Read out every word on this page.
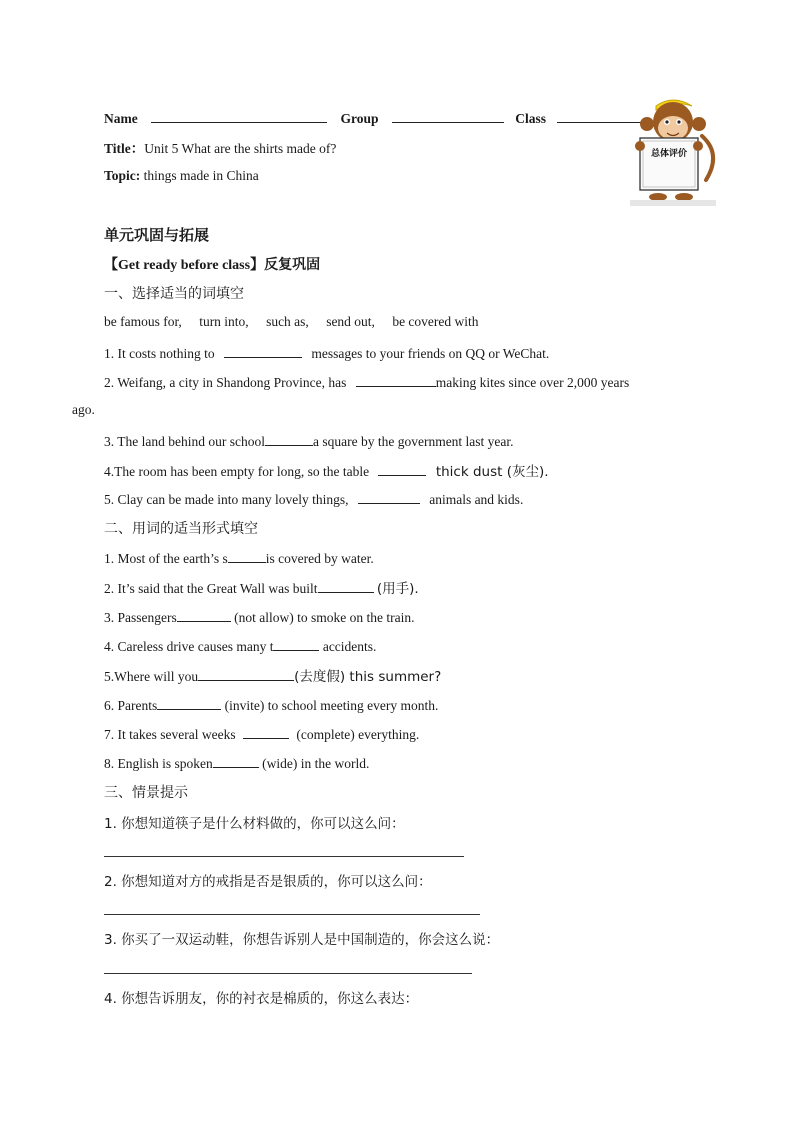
Name	Group	Class
Title：Unit 5 What are the shirts made of?
Topic: things made in China
总体评价
单元巩固与拓展
【Get ready before class】反复巩固
一、选择适当的词填空
be famous for, turn into, such as, send out, be covered with
1. It costs nothing to	messages to your friends on QQ or WeChat.
2. Weifang, a city in Shandong Province, has	making kites since over 2,000 years
ago.
3. The land behind our school	a square by the government last year.
4.The room has been empty for long, so the table	thick dust (灰尘).
5. Clay can be made into many lovely things,	animals and kids.
二、用词的适当形式填空
1. Most of the earth’s s	is covered by water.
2. It’s said that the Great Wall was built	(用手).
3. Passengers	(not allow) to smoke on the train.
4. Careless drive causes many t	accidents.
5.Where will you	(去度假) this summer?
6. Parents	(invite) to school meeting every month.
7. It takes several weeks	(complete) everything.
8. English is spoken	(wide) in the world.
三、情景提示
1. 你想知道筷子是什么材料做的，你可以这么问：
2. 你想知道对方的戒指是否是银质的，你可以这么问：
3. 你买了一双运动鞋，你想告诉别人是中国制造的，你会这么说：
4. 你想告诉朋友，你的衬衣是棉质的，你这么表达：
